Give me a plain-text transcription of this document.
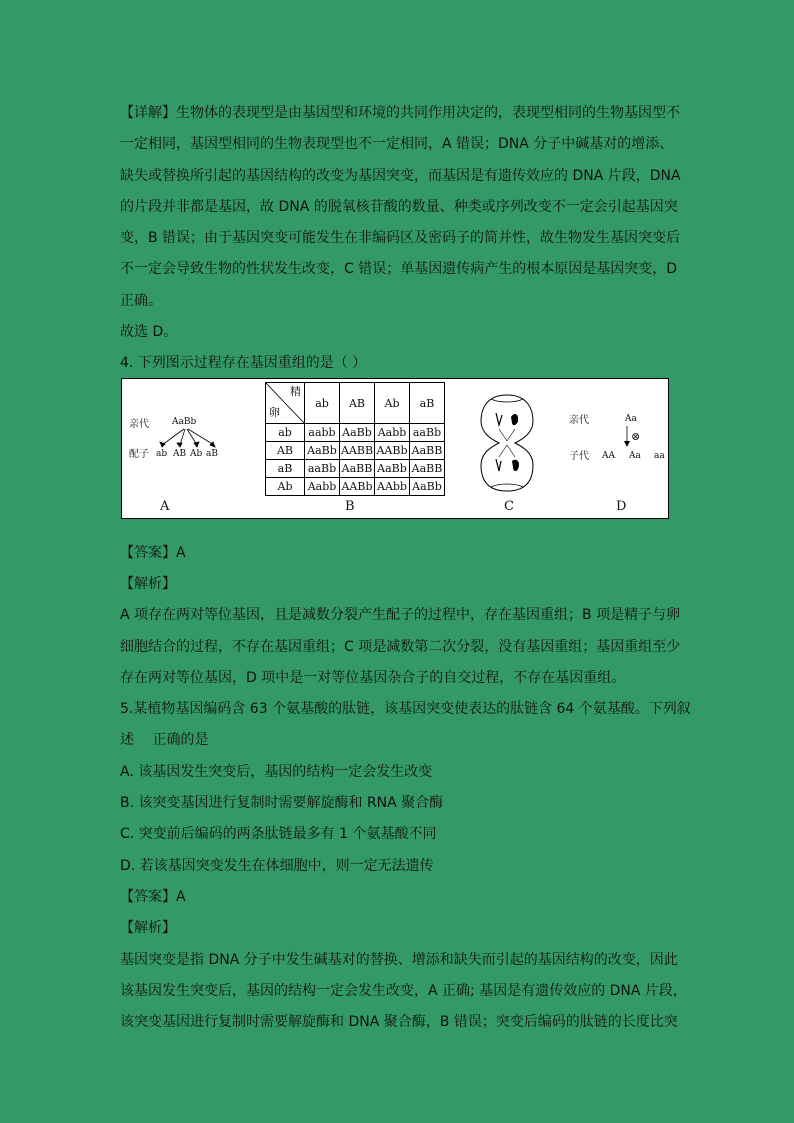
【详解】生物体的表现型是由基因型和环境的共同作用决定的，表现型相同的生物基因型不
一定相同，基因型相同的生物表现型也不一定相同，A 错误；DNA 分子中碱基对的增添、
缺失或替换所引起的基因结构的改变为基因突变，而基因是有遗传效应的 DNA 片段，DNA
的片段并非都是基因，故 DNA 的脱氧核苷酸的数量、种类或序列改变不一定会引起基因突
变，B 错误；由于基因突变可能发生在非编码区及密码子的简并性，故生物发生基因突变后
不一定会导致生物的性状发生改变，C 错误；单基因遗传病产生的根本原因是基因突变，D
正确。

故选 D。

4. 下列图示过程存在基因重组的是（ ）

【答案】A

【解析】

A 项存在两对等位基因，且是减数分裂产生配子的过程中，存在基因重组；B 项是精子与卵
细胞结合的过程，不存在基因重组；C 项是减数第二次分裂，没有基因重组；基因重组至少
存在两对等位基因，D 项中是一对等位基因杂合子的自交过程，不存在基因重组。

5.某植物基因编码含 63 个氨基酸的肽链，该基因突变使表达的肽链含 64 个氨基酸。下列叙
述　 正确的是

A. 该基因发生突变后，基因的结构一定会发生改变

B. 该突变基因进行复制时需要解旋酶和 RNA 聚合酶

C. 突变前后编码的两条肽链最多有 1 个氨基酸不同

D. 若该基因突变发生在体细胞中，则一定无法遗传

【答案】A

【解析】

基因突变是指 DNA 分子中发生碱基对的替换、增添和缺失而引起的基因结构的改变，因此
该基因发生突变后，基因的结构一定会发生改变，A 正确; 基因是有遗传效应的 DNA 片段，
该突变基因进行复制时需要解旋酶和 DNA 聚合酶，B 错误；突变后编码的肽链的长度比突

亲代
配子
AaBb
ab AB Ab aB
A
精
卵	ab	AB	Ab	aB
ab	aabb	AaBb	Aabb	aaBb
AB	AaBb	AABB	AABb	AaBB
aB	aaBb	AaBB	AaBb	AaBB
Ab	Aabb	AABb	AAbb	AaBb
B	C
亲代
子代
Aa
⊗
AA Aa aa
D
